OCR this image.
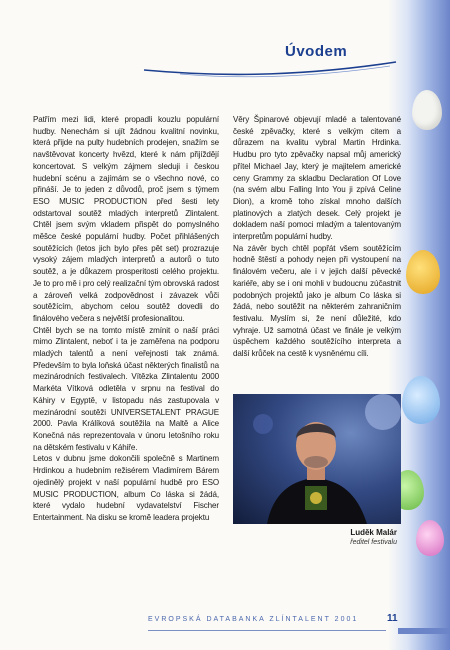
Úvodem

Patřím mezi lidi, které propadli kouzlu populární hudby. Nenechám si ujít žádnou kvalitní novinku, která přijde na pulty hudebních prodejen, snažím se navštěvovat koncerty hvězd, které k nám přijíždějí koncertovat. S velkým zájmem sleduji i českou hudební scénu a zajímám se o všechno nové, co přináší. Je to jeden z důvodů, proč jsem s týmem ESO MUSIC PRODUCTION před šesti lety odstartoval soutěž mladých interpretů Zlintalent. Chtěl jsem svým vkladem přispět do pomyslného měšce české populární hudby. Počet přihlášených soutěžících (letos jich bylo přes pět set) prozrazuje vysoký zájem mladých interpretů a autorů o tuto soutěž, a je důkazem prosperitosti celého projektu. Je to pro mě i pro celý realizační tým obrovská radost a zároveň velká zodpovědnost i závazek vůči soutěžícím, abychom celou soutěž dovedli do finálového večera s největší profesionalitou.

Chtěl bych se na tomto místě zmínit o naší práci mimo Zlintalent, neboť i ta je zaměřena na podporu mladých talentů a není veřejnosti tak známá. Především to byla loňská účast některých finalistů na mezinárodních festivalech. Vítězka Zlintalentu 2000 Markéta Vítková odletěla v srpnu na festival do Káhiry v Egyptě, v listopadu nás zastupovala v mezinárodní soutěži UNIVERSETALENT PRAGUE 2000. Pavla Králíková soutěžila na Maltě a Alice Konečná nás reprezentovala v únoru letošního roku na dětském festivalu v Káhiře.

Letos v dubnu jsme dokončili společně s Martinem Hrdinkou a hudebním režisérem Vladimírem Bárem ojedinělý projekt v naší populární hudbě pro ESO MUSIC PRODUCTION, album Co láska si žádá, které vydalo hudební vydavatelství Fischer Entertainment. Na disku se kromě leadera projektu

Věry Špinarové objevují mladé a talentované české zpěvačky, které s velkým citem a důrazem na kvalitu vybral Martin Hrdinka. Hudbu pro tyto zpěvačky napsal můj americký přítel Michael Jay, který je majitelem americké ceny Grammy za skladbu Declaration Of Love (na svém albu Falling Into You ji zpívá Celine Dion), a kromě toho získal mnoho dalších platinových a zlatých desek. Celý projekt je dokladem naší pomoci mladým a talentovaným interpretům populární hudby.

Na závěr bych chtěl popřát všem soutěžícím hodně štěstí a pohody nejen při vystoupení na finálovém večeru, ale i v jejich další pěvecké kariéře, aby se i oni mohli v budoucnu zúčastnit podobných projektů jako je album Co láska si žádá, nebo soutěžit na některém zahraničním festivalu. Myslím si, že není důležité, kdo vyhraje. Už samotná účast ve finále je velkým úspěchem každého soutěžícího interpreta a další krůček na cestě k vysněnému cíli.

Luděk Malár
ředitel festivalu
EVROPSKÁ DATABANKA ZLÍNTALENT 2001	11
